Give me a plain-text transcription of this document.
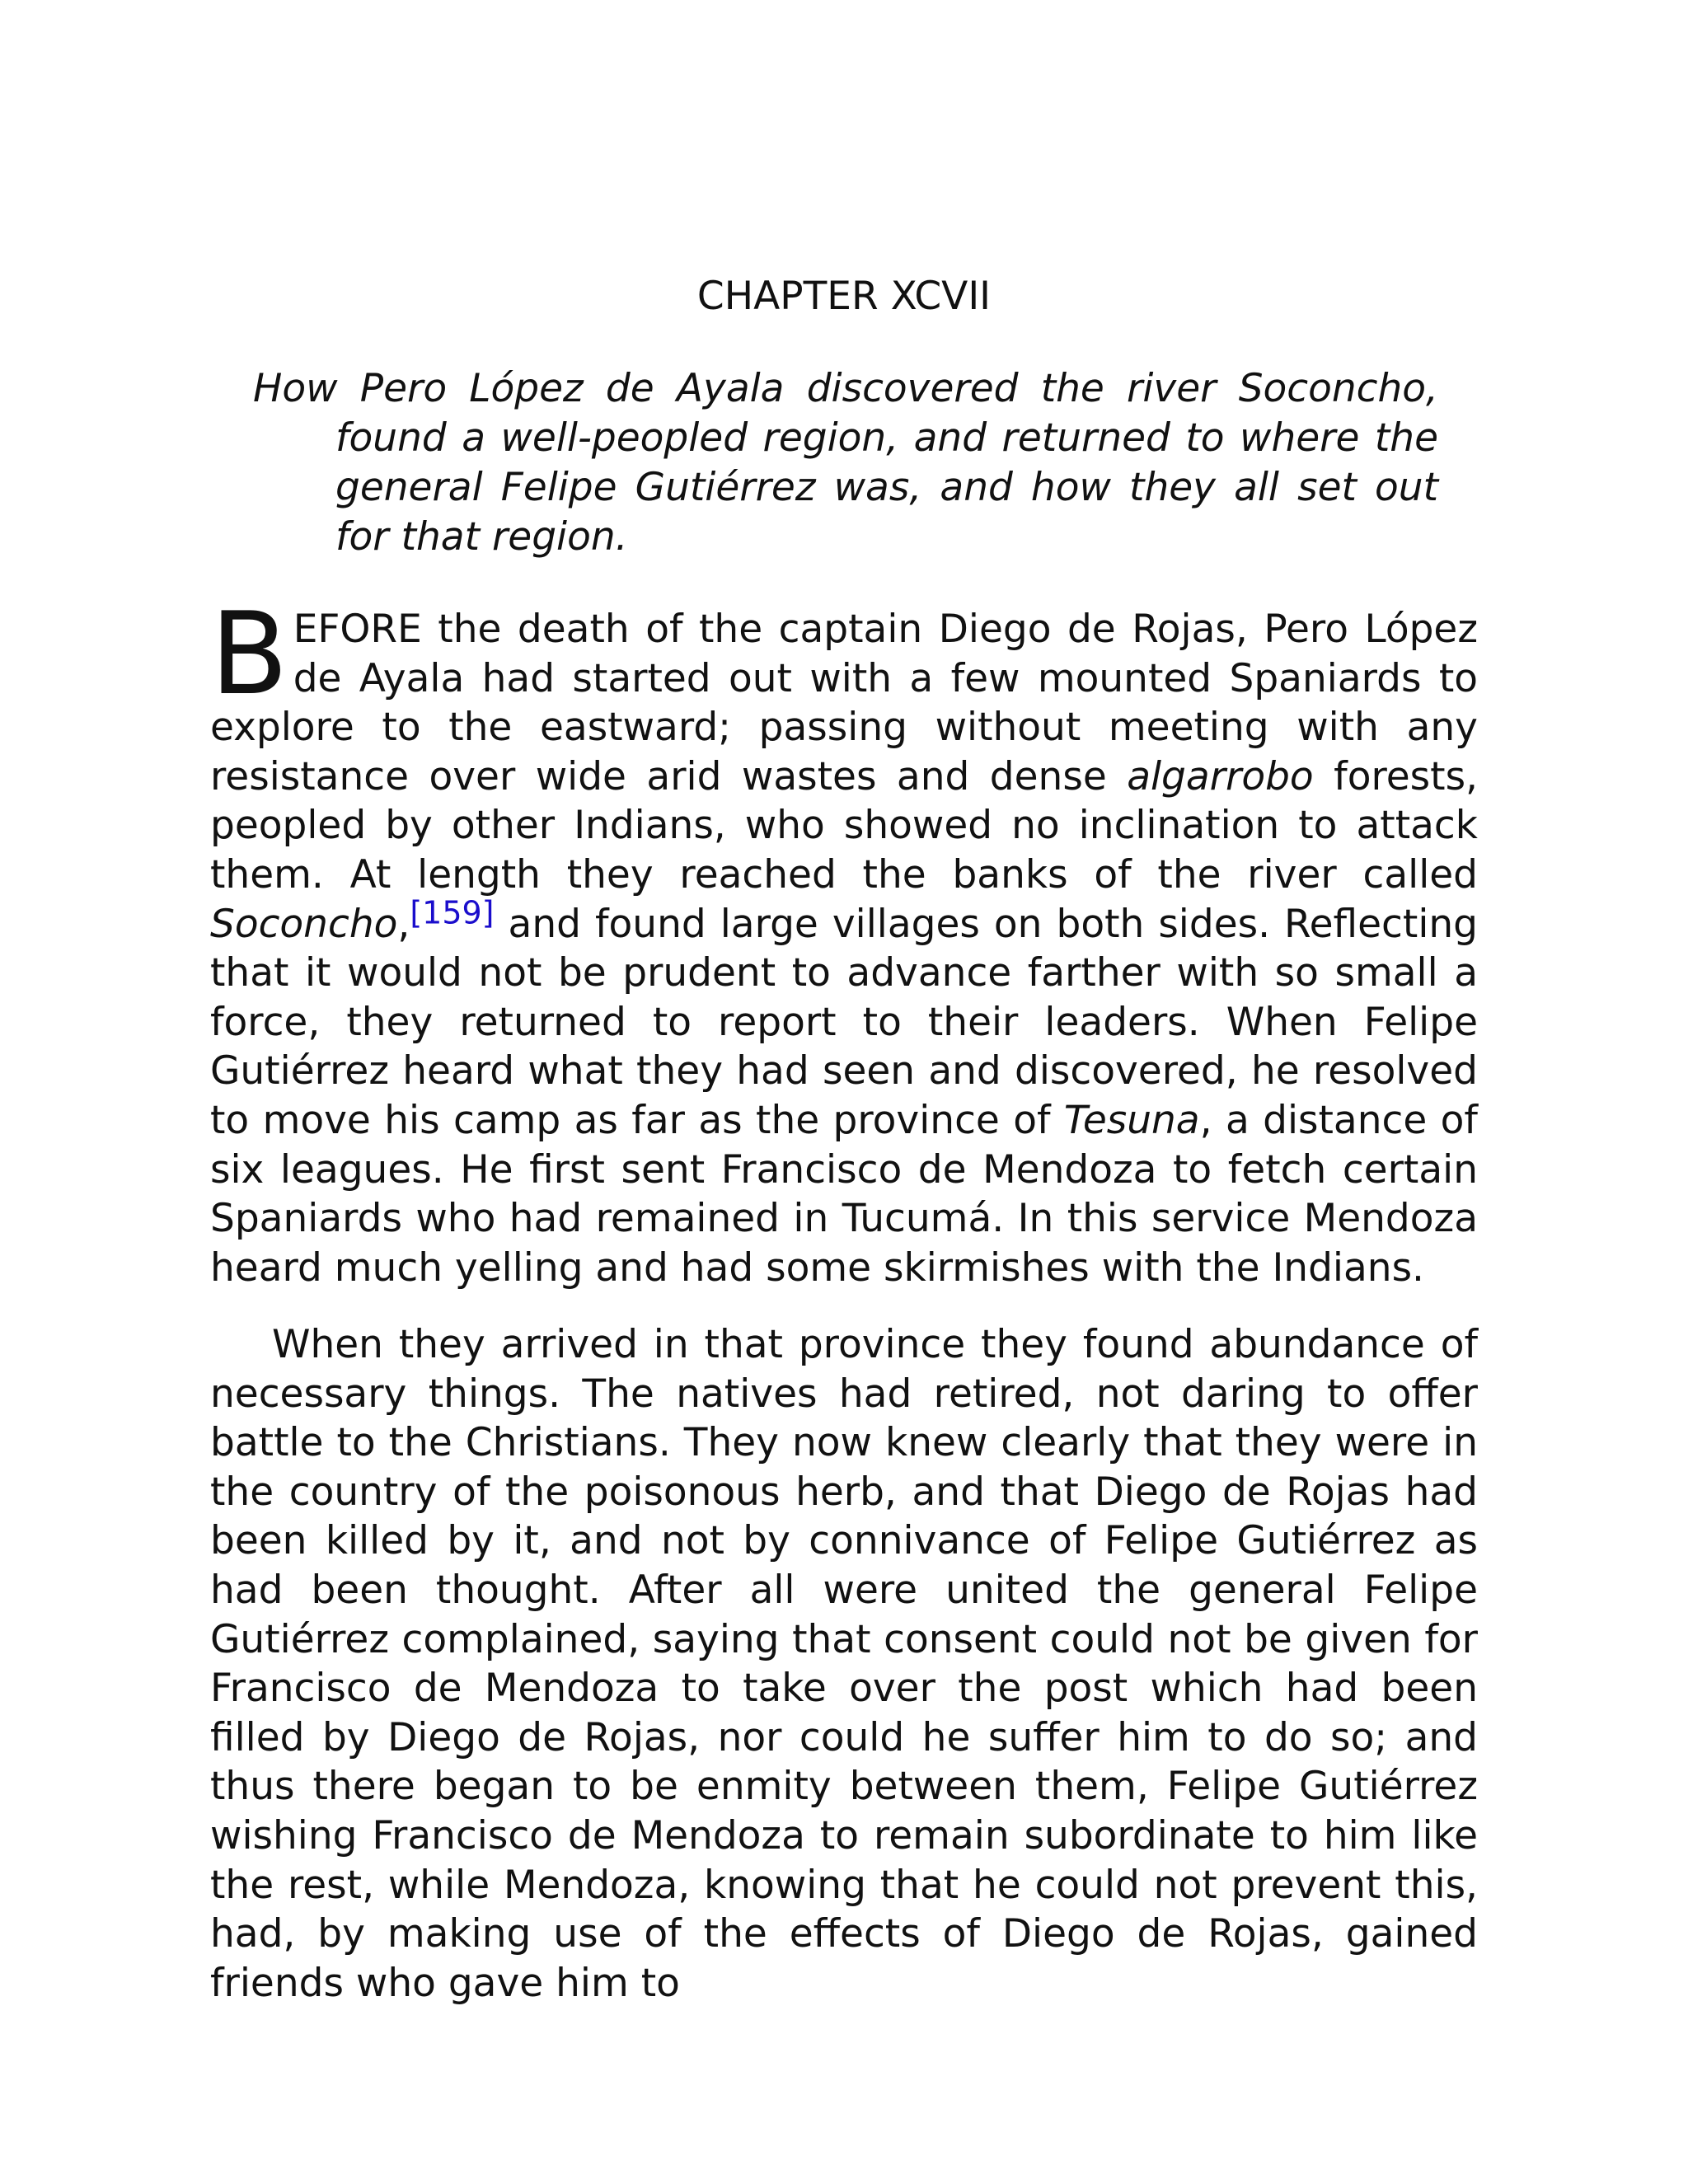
CHAPTER XCVII

How Pero López de Ayala discovered the river Soconcho, found a well-peopled region, and returned to where the general Felipe Gutiérrez was, and how they all set out for that region.

BEFORE the death of the captain Diego de Rojas, Pero López de Ayala had started out with a few mounted Spaniards to explore to the eastward; passing without meeting with any resistance over wide arid wastes and dense algarrobo forests, peopled by other Indians, who showed no inclination to attack them. At length they reached the banks of the river called Soconcho,[159] and found large villages on both sides. Reflecting that it would not be prudent to advance farther with so small a force, they returned to report to their leaders. When Felipe Gutiérrez heard what they had seen and discovered, he resolved to move his camp as far as the province of Tesuna, a distance of six leagues. He first sent Francisco de Mendoza to fetch certain Spaniards who had remained in Tucumá. In this service Mendoza heard much yelling and had some skirmishes with the Indians.

When they arrived in that province they found abundance of necessary things. The natives had retired, not daring to offer battle to the Christians. They now knew clearly that they were in the country of the poisonous herb, and that Diego de Rojas had been killed by it, and not by connivance of Felipe Gutiérrez as had been thought. After all were united the general Felipe Gutiérrez complained, saying that consent could not be given for Francisco de Mendoza to take over the post which had been filled by Diego de Rojas, nor could he suffer him to do so; and thus there began to be enmity between them, Felipe Gutiérrez wishing Francisco de Mendoza to remain subordinate to him like the rest, while Mendoza, knowing that he could not prevent this, had, by making use of the effects of Diego de Rojas, gained friends who gave him to
